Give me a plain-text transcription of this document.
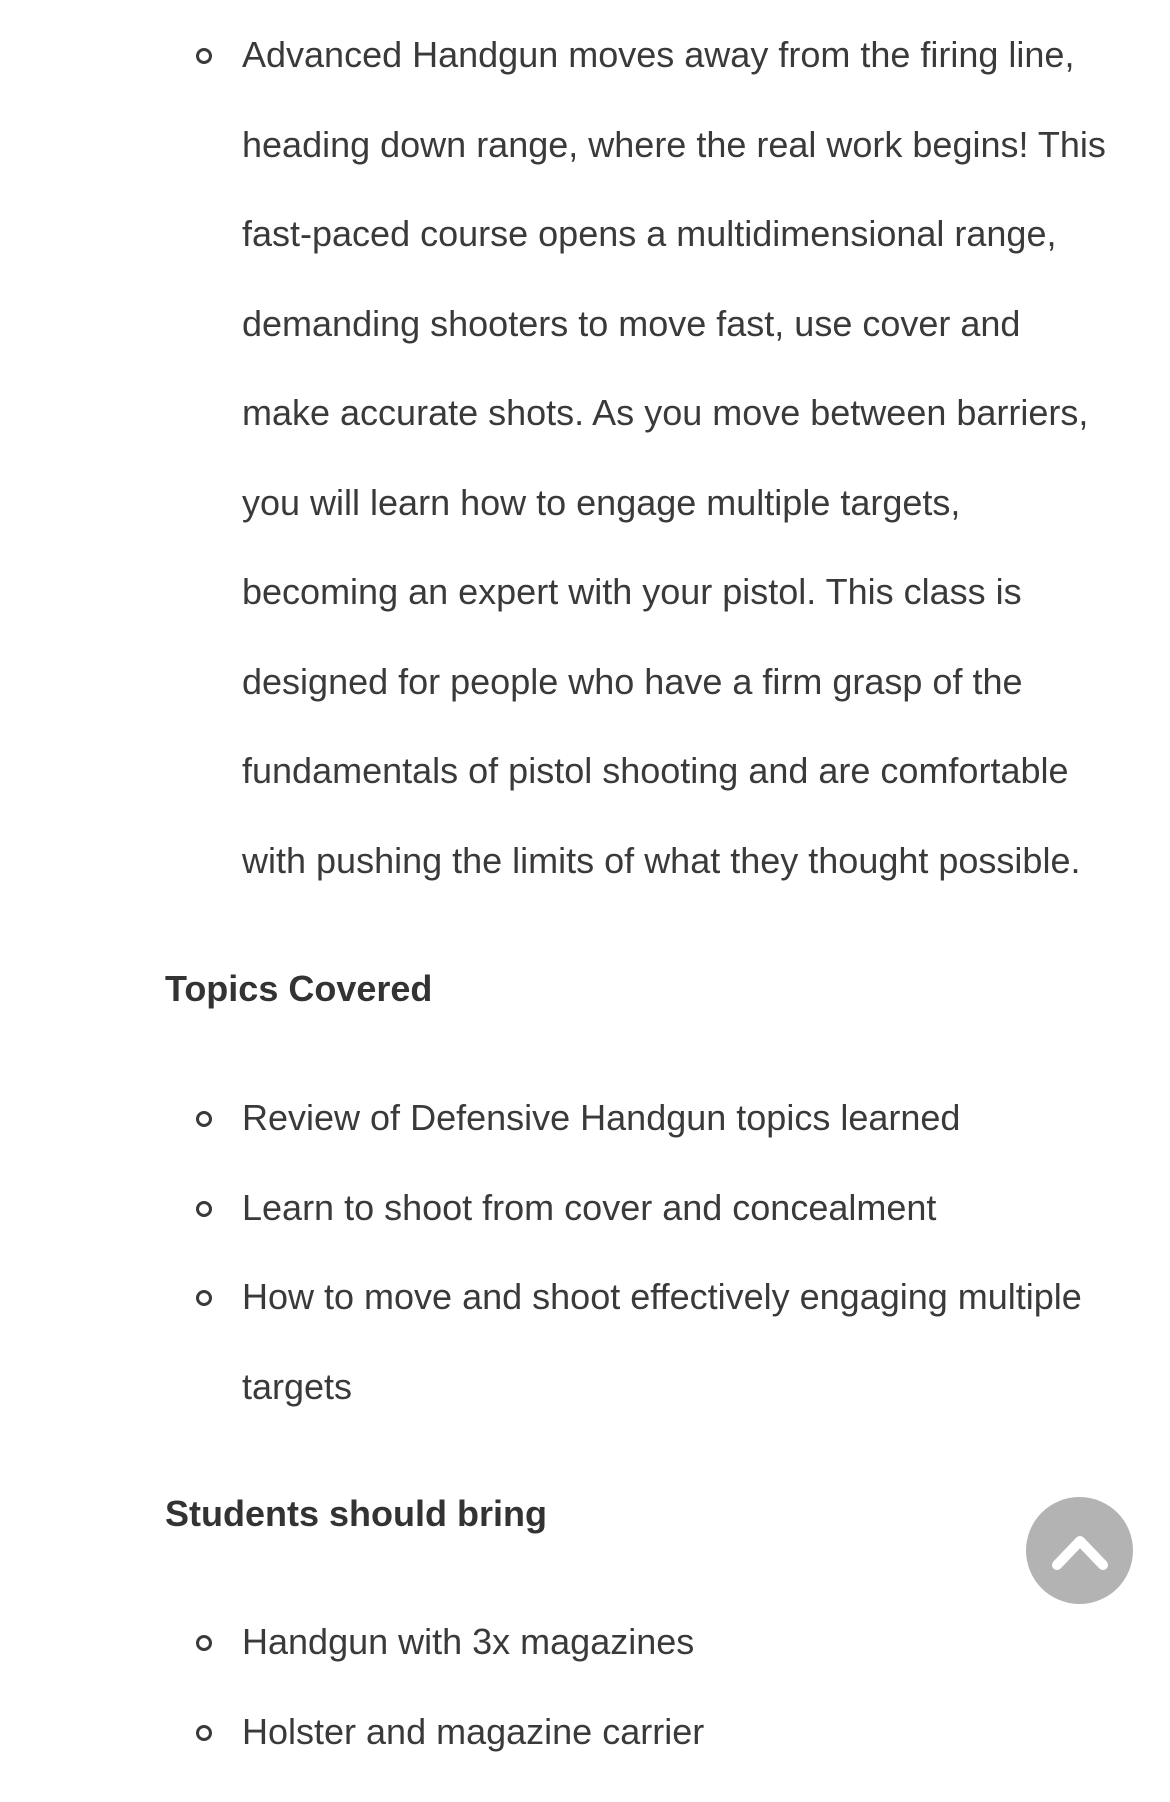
Advanced Handgun moves away from the firing line, heading down range, where the real work begins! This fast-paced course opens a multidimensional range, demanding shooters to move fast, use cover and make accurate shots. As you move between barriers, you will learn how to engage multiple targets, becoming an expert with your pistol. This class is designed for people who have a firm grasp of the fundamentals of pistol shooting and are comfortable with pushing the limits of what they thought possible.
Topics Covered
Review of Defensive Handgun topics learned
Learn to shoot from cover and concealment
How to move and shoot effectively engaging multiple targets
Students should bring
Handgun with 3x magazines
Holster and magazine carrier
